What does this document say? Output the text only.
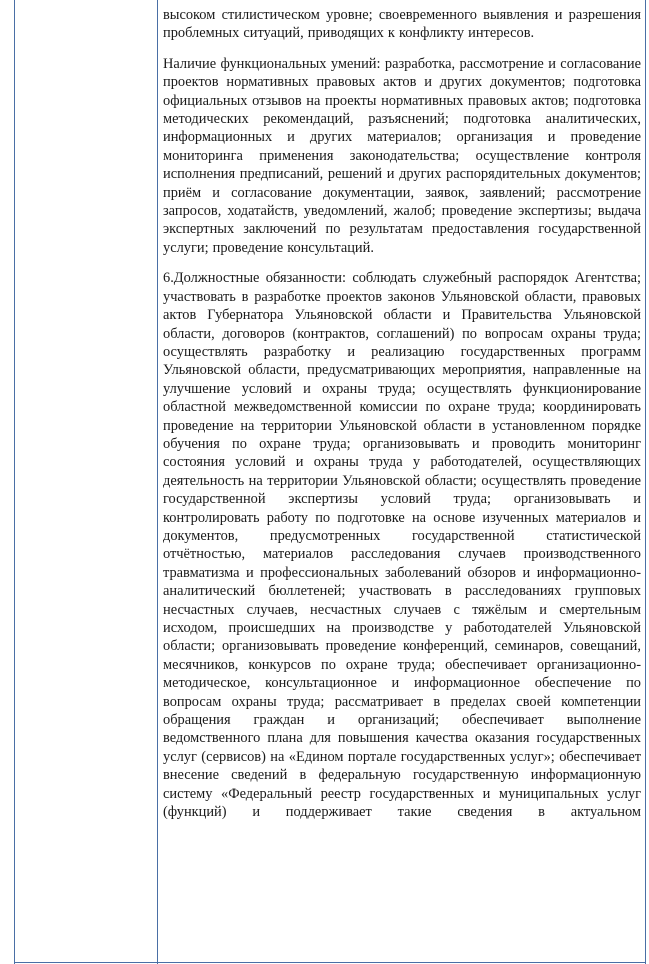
высоком стилистическом уровне; своевременного выявления и разрешения проблемных ситуаций, приводящих к конфликту интересов.

Наличие функциональных умений: разработка, рассмотрение и согласование проектов нормативных правовых актов и других документов; подготовка официальных отзывов на проекты нормативных правовых актов; подготовка методических рекомендаций, разъяснений; подготовка аналитических, информационных и других материалов; организация и проведение мониторинга применения законодательства; осуществление контроля исполнения предписаний, решений и других распорядительных документов; приём и согласование документации, заявок, заявлений; рассмотрение запросов, ходатайств, уведомлений, жалоб; проведение экспертизы; выдача экспертных заключений по результатам предоставления государственной услуги; проведение консультаций.

6.Должностные обязанности: соблюдать служебный распорядок Агентства; участвовать в разработке проектов законов Ульяновской области, правовых актов Губернатора Ульяновской области и Правительства Ульяновской области, договоров (контрактов, соглашений) по вопросам охраны труда; осуществлять разработку и реализацию государственных программ Ульяновской области, предусматривающих мероприятия, направленные на улучшение условий и охраны труда; осуществлять функционирование областной межведомственной комиссии по охране труда; координировать проведение на территории Ульяновской области в установленном порядке обучения по охране труда; организовывать и проводить мониторинг состояния условий и охраны труда у работодателей, осуществляющих деятельность на территории Ульяновской области; осуществлять проведение государственной экспертизы условий труда; организовывать и контролировать работу по подготовке на основе изученных материалов и документов, предусмотренных государственной статистической отчётностью, материалов расследования случаев производственного травматизма и профессиональных заболеваний обзоров и информационно-аналитический бюллетеней; участвовать в расследованиях групповых несчастных случаев, несчастных случаев с тяжёлым и смертельным исходом, происшедших на производстве у работодателей Ульяновской области; организовывать проведение конференций, семинаров, совещаний, месячников, конкурсов по охране труда; обеспечивает организационно-методическое, консультационное и информационное обеспечение по вопросам охраны труда; рассматривает в пределах своей компетенции обращения граждан и организаций; обеспечивает выполнение ведомственного плана для повышения качества оказания государственных услуг (сервисов) на «Едином портале государственных услуг»; обеспечивает внесение сведений в федеральную государственную информационную систему «Федеральный реестр государственных и муниципальных услуг (функций) и поддерживает такие сведения в актуальном
